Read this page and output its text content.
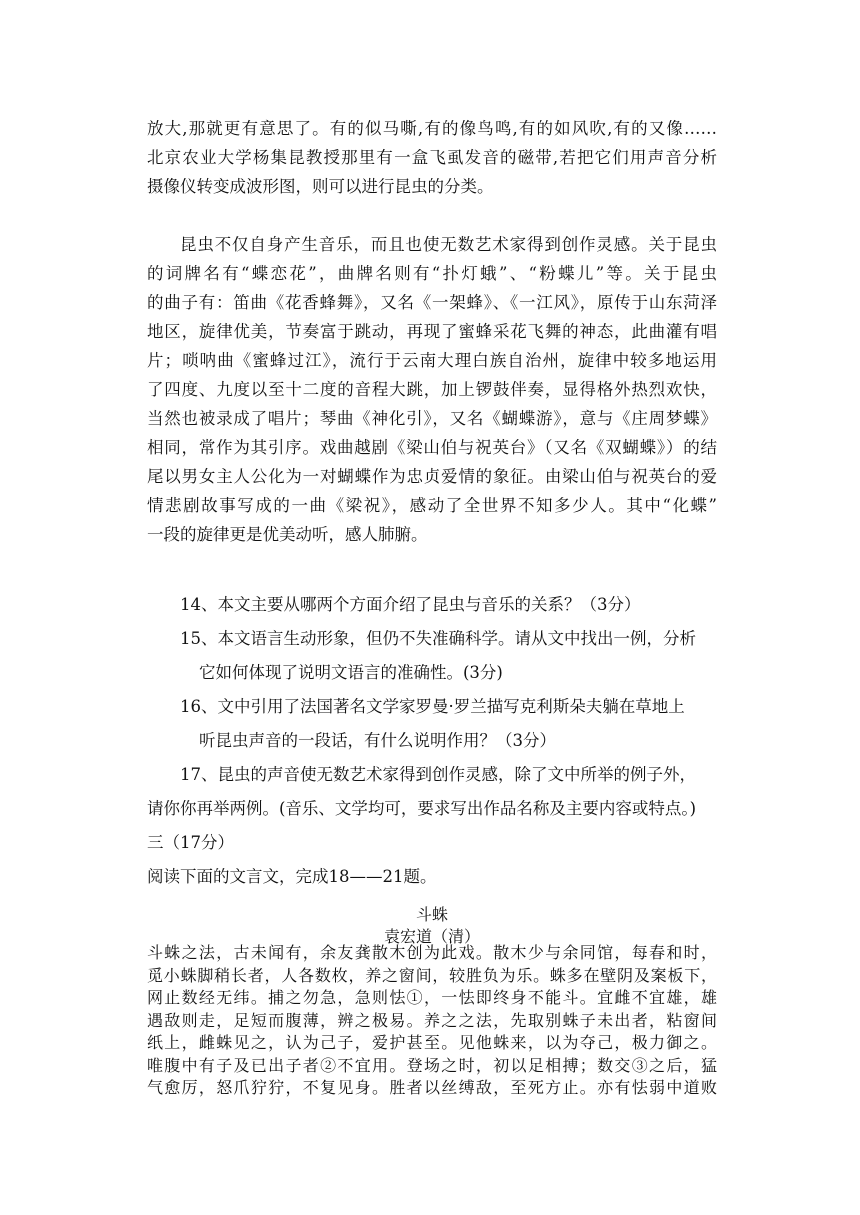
放大,那就更有意思了。有的似马嘶,有的像鸟鸣,有的如风吹,有的又像……
北京农业大学杨集昆教授那里有一盒飞虱发音的磁带,若把它们用声音分析
摄像仪转变成波形图，则可以进行昆虫的分类。
昆虫不仅自身产生音乐，而且也使无数艺术家得到创作灵感。关于昆虫
的词牌名有“蝶恋花”，曲牌名则有“扑灯蛾”、“粉蝶儿”等。关于昆虫
的曲子有：笛曲《花香蜂舞》，又名《一架蜂》、《一江风》，原传于山东菏泽
地区，旋律优美，节奏富于跳动，再现了蜜蜂采花飞舞的神态，此曲灌有唱
片；唢呐曲《蜜蜂过江》，流行于云南大理白族自治州，旋律中较多地运用
了四度、九度以至十二度的音程大跳，加上锣鼓伴奏，显得格外热烈欢快，
当然也被录成了唱片；琴曲《神化引》，又名《蝴蝶游》，意与《庄周梦蝶》
相同，常作为其引序。戏曲越剧《梁山伯与祝英台》（又名《双蝴蝶》）的结
尾以男女主人公化为一对蝴蝶作为忠贞爱情的象征。由梁山伯与祝英台的爱
情悲剧故事写成的一曲《梁祝》，感动了全世界不知多少人。其中“化蝶”
一段的旋律更是优美动听，感人肺腑。
14、本文主要从哪两个方面介绍了昆虫与音乐的关系？（3分）
15、本文语言生动形象，但仍不失准确科学。请从文中找出一例，分析
它如何体现了说明文语言的准确性。(3分)
16、文中引用了法国著名文学家罗曼·罗兰描写克利斯朵夫躺在草地上
听昆虫声音的一段话，有什么说明作用？（3分）
17、昆虫的声音使无数艺术家得到创作灵感，除了文中所举的例子外，
请你你再举两例。(音乐、文学均可，要求写出作品名称及主要内容或特点。)
三（17分）
阅读下面的文言文，完成18——21题。
斗蛛
袁宏道（清）
斗蛛之法，古未闻有，余友龚散木创为此戏。散木少与余同馆，每春和时，
觅小蛛脚稍长者，人各数枚，养之窗间，较胜负为乐。蛛多在壁阴及案板下，
网止数经无纬。捕之勿急，急则怯①，一怯即终身不能斗。宜雌不宜雄，雄
遇敌则走，足短而腹薄，辨之极易。养之之法，先取别蛛子未出者，粘窗间
纸上，雌蛛见之，认为己子，爱护甚至。见他蛛来，以为夺己，极力御之。
唯腹中有子及已出子者②不宜用。登场之时，初以足相搏；数交③之后，猛
气愈厉，怒爪狞狞，不复见身。胜者以丝缚敌，至死方止。亦有怯弱中道败
